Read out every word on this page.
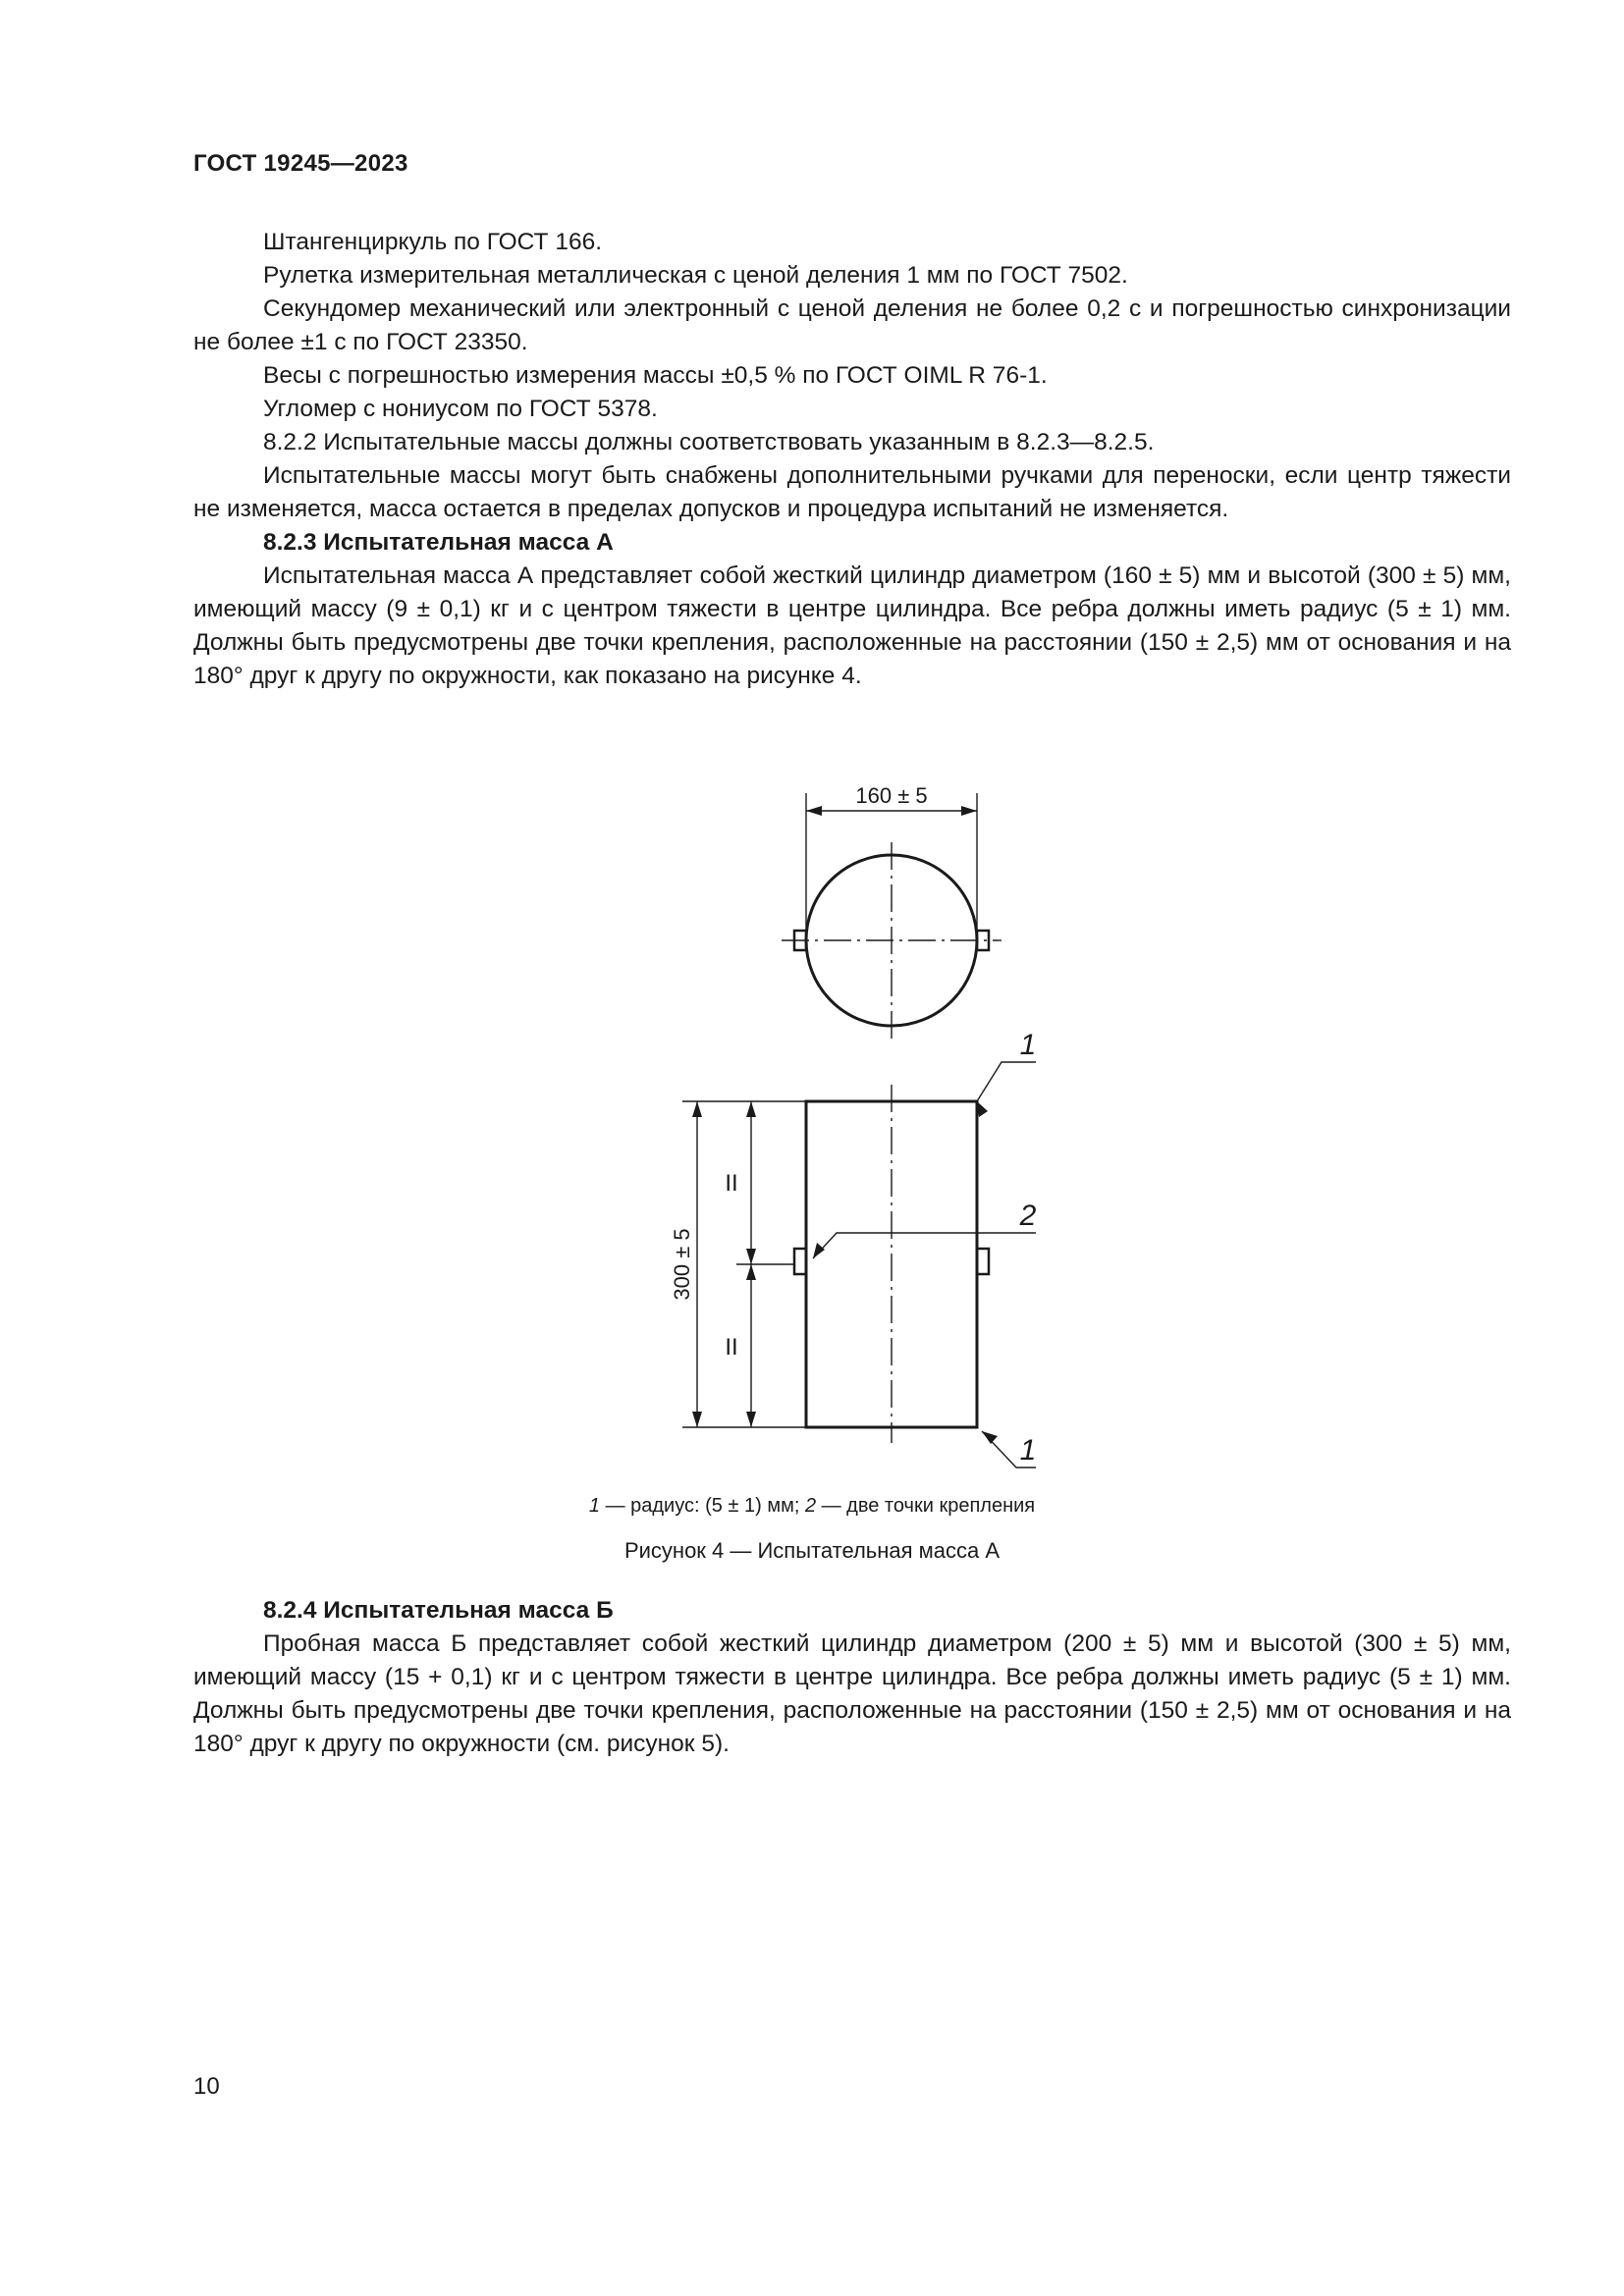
ГОСТ 19245—2023

Штангенциркуль по ГОСТ 166.

Рулетка измерительная металлическая с ценой деления 1 мм по ГОСТ 7502.

Секундомер механический или электронный с ценой деления не более 0,2 с и погрешностью синхронизации не более ±1 с по ГОСТ 23350.

Весы с погрешностью измерения массы ±0,5 % по ГОСТ OIML R 76-1.

Угломер с нониусом по ГОСТ 5378.

8.2.2 Испытательные массы должны соответствовать указанным в 8.2.3—8.2.5.

Испытательные массы могут быть снабжены дополнительными ручками для переноски, если центр тяжести не изменяется, масса остается в пределах допусков и процедура испытаний не изменяется.

8.2.3 Испытательная масса А

Испытательная масса А представляет собой жесткий цилиндр диаметром (160 ± 5) мм и высотой (300 ± 5) мм, имеющий массу (9 ± 0,1) кг и с центром тяжести в центре цилиндра. Все ребра должны иметь радиус (5 ± 1) мм. Должны быть предусмотрены две точки крепления, расположенные на расстоянии (150 ± 2,5) мм от основания и на 180° друг к другу по окружности, как показано на рисунке 4.

160 ± 5
300 ± 5
II
II
1
2
1
1 — радиус: (5 ± 1) мм; 2 — две точки крепления
Рисунок 4 — Испытательная масса А

8.2.4 Испытательная масса Б

Пробная масса Б представляет собой жесткий цилиндр диаметром (200 ± 5) мм и высотой (300 ± 5) мм, имеющий массу (15 + 0,1) кг и с центром тяжести в центре цилиндра. Все ребра должны иметь радиус (5 ± 1) мм. Должны быть предусмотрены две точки крепления, расположенные на расстоянии (150 ± 2,5) мм от основания и на 180° друг к другу по окружности (см. рисунок 5).

10
